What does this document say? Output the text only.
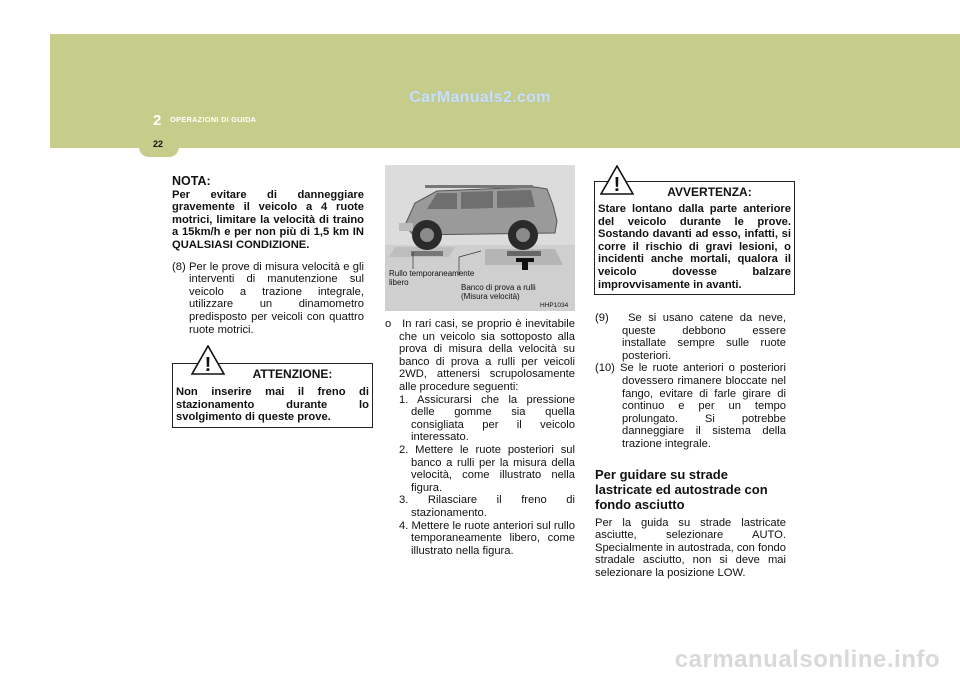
2 OPERAZIONI DI GUIDA
22
CarManuals2.com

NOTA:

Per evitare di danneggiare gravemente il veicolo a 4 ruote motrici, limitare la velocità di traino a 15km/h e per non più di 1,5 km IN QUALSIASI CONDIZIONE.

(8) Per le prove di misura velocità e gli interventi di manutenzione sul veicolo a trazione integrale, utilizzare un dinamometro predisposto per veicoli con quattro ruote motrici.

ATTENZIONE:

Non inserire mai il freno di stazionamento durante lo svolgimento di queste prove.

!
Rullo temporaneamente libero
Banco di prova a rulli
(Misura velocità)
HHP1034

o In rari casi, se proprio è inevitabile che un veicolo sia sottoposto alla prova di misura della velocità su banco di prova a rulli per veicoli 2WD, attenersi scrupolosamente alle procedure seguenti:

1. Assicurarsi che la pressione delle gomme sia quella consigliata per il veicolo interessato.

2. Mettere le ruote posteriori sul banco a rulli per la misura della velocità, come illustrato nella figura.

3. Rilasciare il freno di stazionamento.

4. Mettere le ruote anteriori sul rullo temporaneamente libero, come illustrato nella figura.

AVVERTENZA:

Stare lontano dalla parte anteriore del veicolo durante le prove. Sostando davanti ad esso, infatti, si corre il rischio di gravi lesioni, o incidenti anche mortali, qualora il veicolo dovesse balzare improvvisamente in avanti.

!

(9) Se si usano catene da neve, queste debbono essere installate sempre sulle ruote posteriori.

(10) Se le ruote anteriori o posteriori dovessero rimanere bloccate nel fango, evitare di farle girare di continuo e per un tempo prolungato. Si potrebbe danneggiare il sistema della trazione integrale.

Per guidare su strade lastricate ed autostrade con fondo asciutto

Per la guida su strade lastricate asciutte, selezionare AUTO. Specialmente in autostrada, con fondo stradale asciutto, non si deve mai selezionare la posizione LOW.

carmanualsonline.info
